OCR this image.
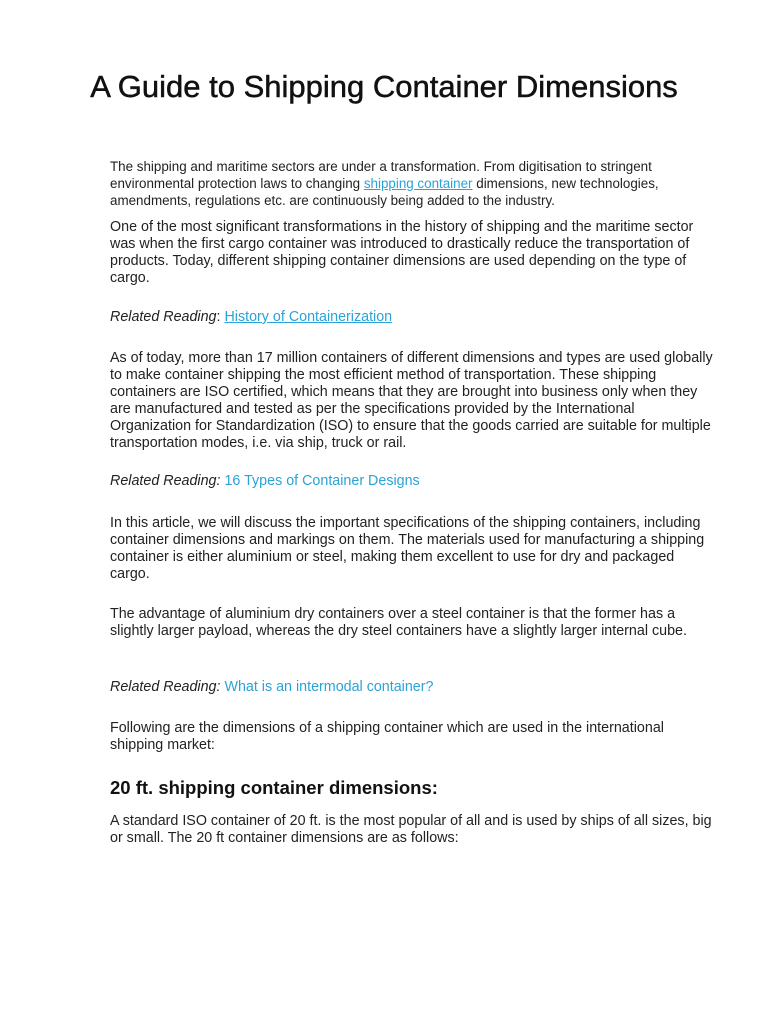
A Guide to Shipping Container Dimensions

The shipping and maritime sectors are under a transformation. From digitisation to stringent environmental protection laws to changing shipping container dimensions, new technologies, amendments, regulations etc. are continuously being added to the industry.

One of the most significant transformations in the history of shipping and the maritime sector was when the first cargo container was introduced to drastically reduce the transportation of products. Today, different shipping container dimensions are used depending on the type of cargo.

Related Reading: History of Containerization

As of today, more than 17 million containers of different dimensions and types are used globally to make container shipping the most efficient method of transportation. These shipping containers are ISO certified, which means that they are brought into business only when they are manufactured and tested as per the specifications provided by the International Organization for Standardization (ISO) to ensure that the goods carried are suitable for multiple transportation modes, i.e. via ship, truck or rail.

Related Reading: 16 Types of Container Designs

In this article, we will discuss the important specifications of the shipping containers, including container dimensions and markings on them. The materials used for manufacturing a shipping container is either aluminium or steel, making them excellent to use for dry and packaged cargo.

The advantage of aluminium dry containers over a steel container is that the former has a slightly larger payload, whereas the dry steel containers have a slightly larger internal cube.

Related Reading: What is an intermodal container?

Following are the dimensions of a shipping container which are used in the international shipping market:

20 ft. shipping container dimensions:

A standard ISO container of 20 ft. is the most popular of all and is used by ships of all sizes, big or small. The 20 ft container dimensions are as follows:
